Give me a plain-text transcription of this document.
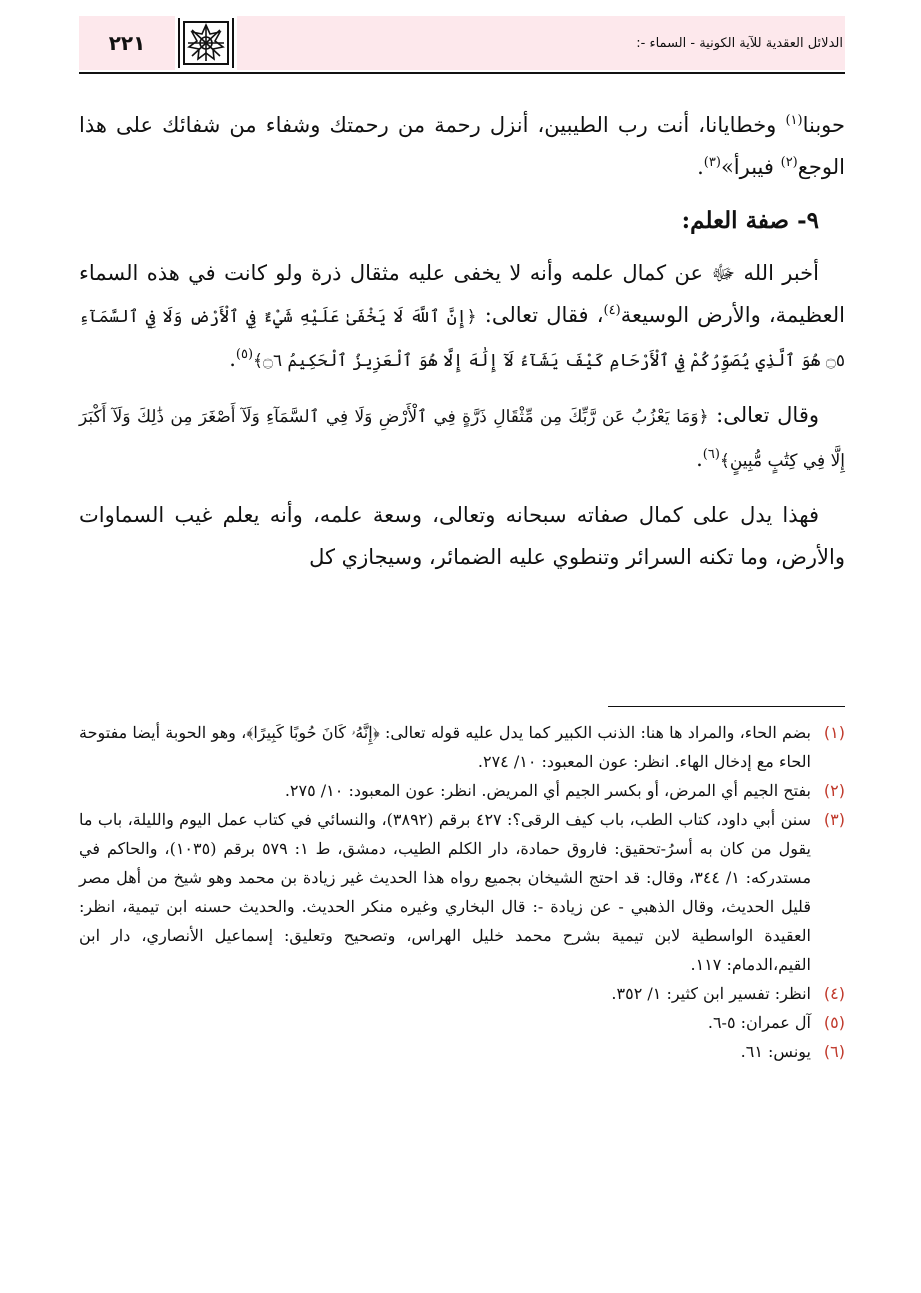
الدلائل العقدية للآية الكونية - السماء -:
٢٢١

حوبنا$^{(١)}$ وخطايانا، أنت رب الطيبين، أنزل رحمة من رحمتك وشفاء من شفائك على هذا الوجع$^{(٢)}$ فيبرأ»$^{(٣)}$.

٩- صفة العلم:

أخبر الله ﷻ عن كمال علمه وأنه لا يخفى عليه مثقال ذرة ولو كانت في هذه السماء العظيمة، والأرض الوسيعة$^{(٤)}$، فقال تعالى: ﴿إِنَّ ٱللَّهَ لَا يَخْفَىٰ عَلَيْهِ شَيْءٌ فِي ٱلْأَرْضِ وَلَا فِي ٱلسَّمَآءِ ۝٥ هُوَ ٱلَّذِي يُصَوِّرُكُمْ فِي ٱلْأَرْحَامِ كَيْفَ يَشَآءُ لَآ إِلَٰهَ إِلَّا هُوَ ٱلْعَزِيزُ ٱلْحَكِيمُ ۝٦﴾$^{(٥)}$.

وقال تعالى: ﴿وَمَا يَعْزُبُ عَن رَّبِّكَ مِن مِّثْقَالِ ذَرَّةٍ فِي ٱلْأَرْضِ وَلَا فِي ٱلسَّمَآءِ وَلَآ أَصْغَرَ مِن ذَٰلِكَ وَلَآ أَكْبَرَ إِلَّا فِي كِتَٰبٍ مُّبِينٍ﴾$^{(٦)}$.

فهذا يدل على كمال صفاته سبحانه وتعالى، وسعة علمه، وأنه يعلم غيب السماوات والأرض، وما تكنه السرائر وتنطوي عليه الضمائر، وسيجازي كل

(١)
بضم الحاء، والمراد ها هنا: الذنب الكبير كما يدل عليه قوله تعالى: ﴿إِنَّهُۥ كَانَ حُوبًا كَبِيرًا﴾، وهو الحوبة أيضا مفتوحة الحاء مع إدخال الهاء. انظر: عون المعبود: ١٠/ ٢٧٤.
(٢)
بفتح الجيم أي المرض، أو بكسر الجيم أي المريض. انظر: عون المعبود: ١٠/ ٢٧٥.
(٣)
سنن أبي داود، كتاب الطب، باب كيف الرقى؟: ٤٢٧ برقم (٣٨٩٢)، والنسائي في كتاب عمل اليوم والليلة، باب ما يقول من كان به أسرُ-تحقيق: فاروق حمادة، دار الكلم الطيب، دمشق، ط ١: ٥٧٩ برقم (١٠٣٥)، والحاكم في مستدركه: ١/ ٣٤٤، وقال: قد احتج الشيخان بجميع رواه هذا الحديث غير زيادة بن محمد وهو شيخ من أهل مصر قليل الحديث، وقال الذهبي - عن زيادة -: قال البخاري وغيره منكر الحديث. والحديث حسنه ابن تيمية، انظر: العقيدة الواسطية لابن تيمية بشرح محمد خليل الهراس، وتصحيح وتعليق: إسماعيل الأنصاري، دار ابن القيم،الدمام: ١١٧.
(٤)
انظر: تفسير ابن كثير: ١/ ٣٥٢.
(٥)
آل عمران: ٥-٦.
(٦)
يونس: ٦١.
